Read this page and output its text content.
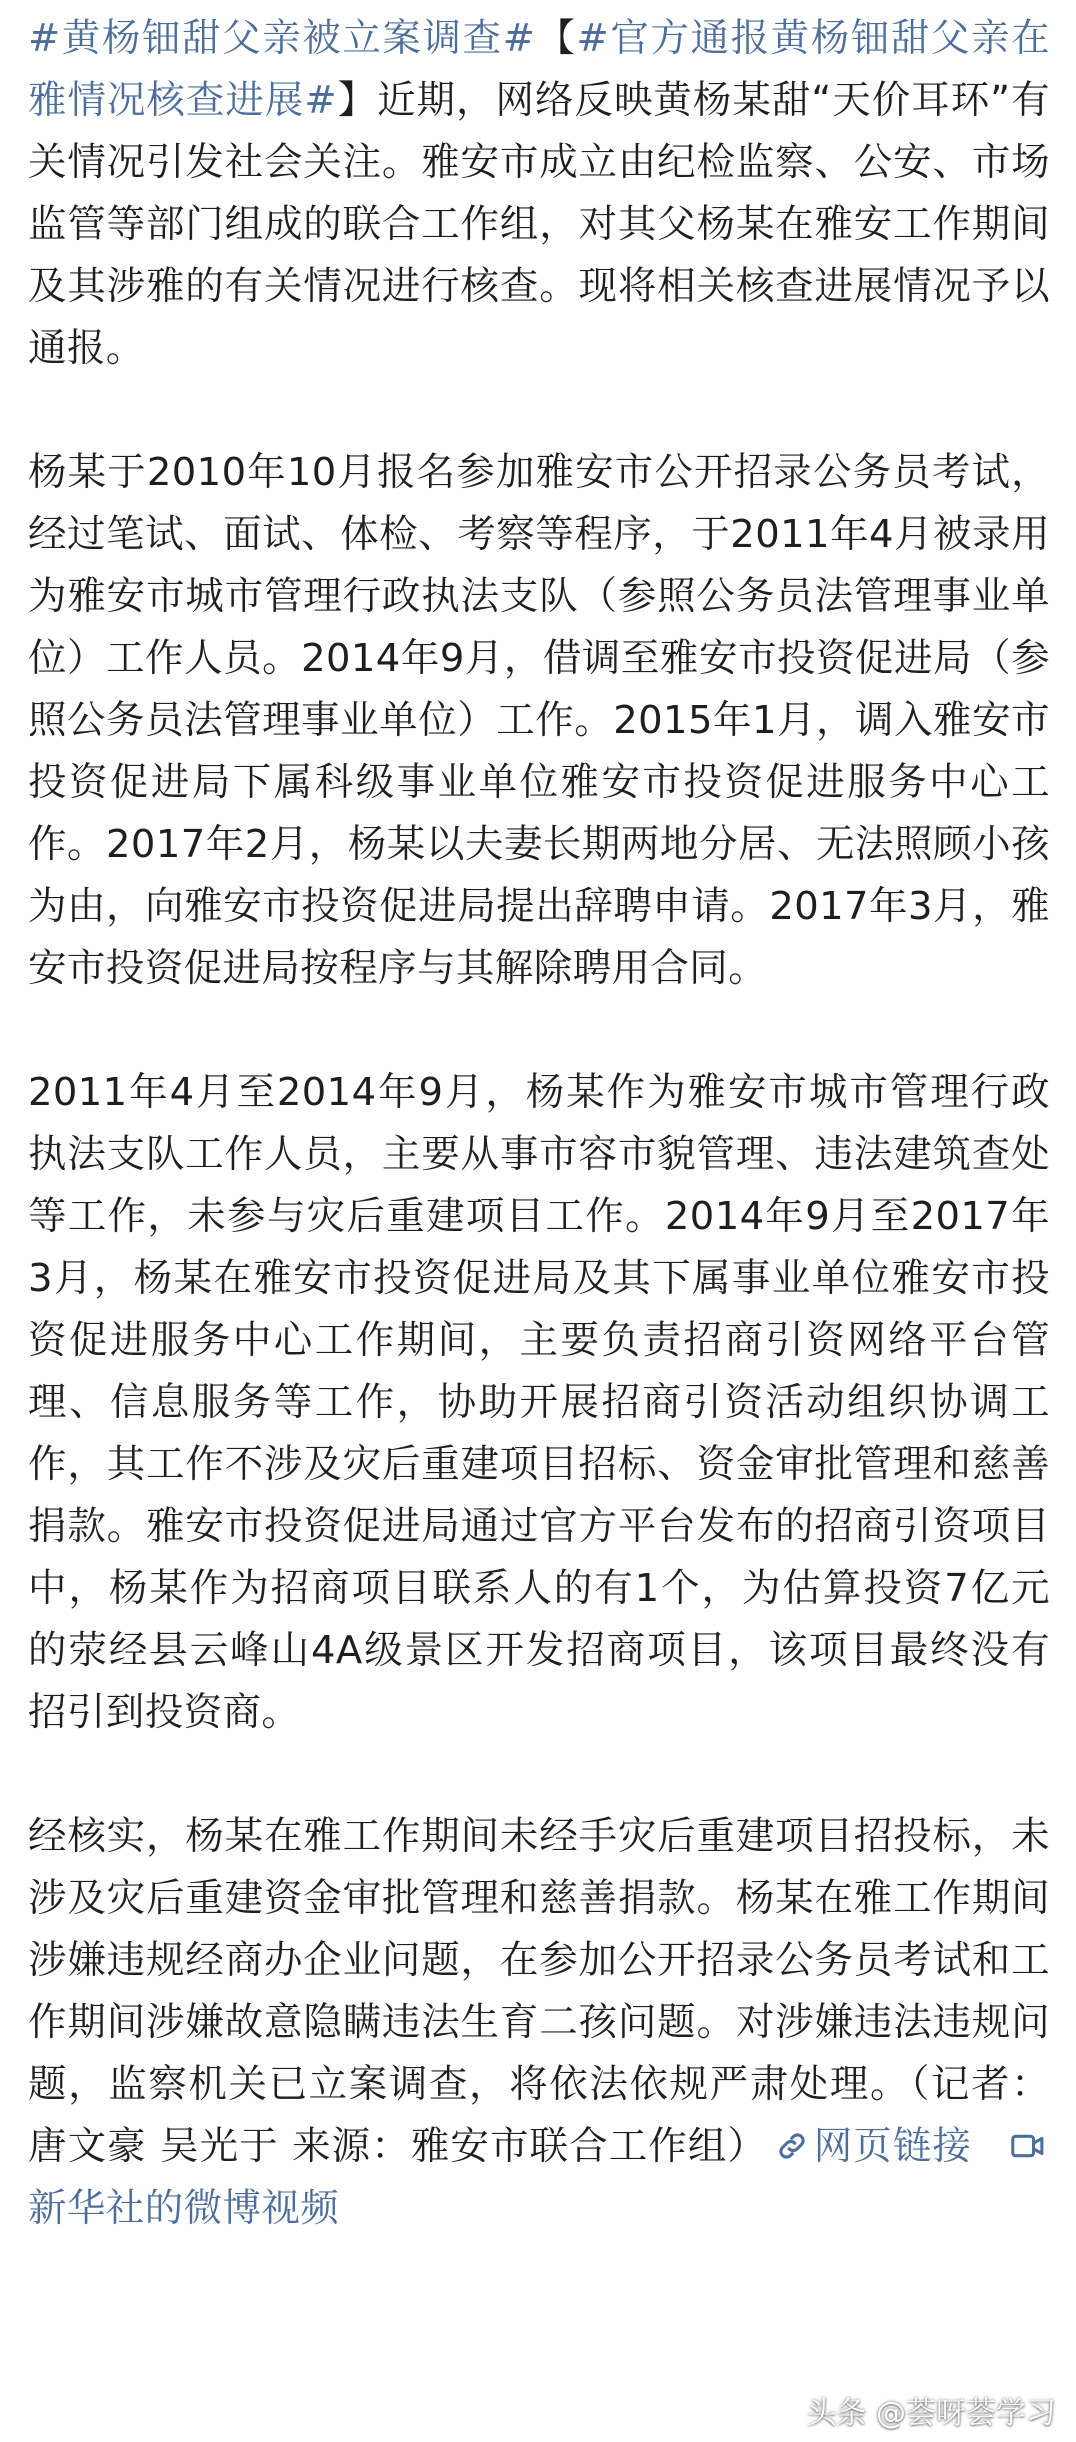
#黄杨钿甜父亲被立案调查#【#官方通报黄杨钿甜父亲在雅情况核查进展#】近期，网络反映黄杨某甜“天价耳环”有关情况引发社会关注。雅安市成立由纪检监察、公安、市场监管等部门组成的联合工作组，对其父杨某在雅安工作期间及其涉雅的有关情况进行核查。现将相关核查进展情况予以通报。

杨某于2010年10月报名参加雅安市公开招录公务员考试，经过笔试、面试、体检、考察等程序，于2011年4月被录用为雅安市城市管理行政执法支队（参照公务员法管理事业单位）工作人员。2014年9月，借调至雅安市投资促进局（参照公务员法管理事业单位）工作。2015年1月，调入雅安市投资促进局下属科级事业单位雅安市投资促进服务中心工作。2017年2月，杨某以夫妻长期两地分居、无法照顾小孩为由，向雅安市投资促进局提出辞聘申请。2017年3月，雅安市投资促进局按程序与其解除聘用合同。

2011年4月至2014年9月，杨某作为雅安市城市管理行政执法支队工作人员，主要从事市容市貌管理、违法建筑查处等工作，未参与灾后重建项目工作。2014年9月至2017年3月，杨某在雅安市投资促进局及其下属事业单位雅安市投资促进服务中心工作期间，主要负责招商引资网络平台管理、信息服务等工作，协助开展招商引资活动组织协调工作，其工作不涉及灾后重建项目招标、资金审批管理和慈善捐款。雅安市投资促进局通过官方平台发布的招商引资项目中，杨某作为招商项目联系人的有1个，为估算投资7亿元的荥经县云峰山4A级景区开发招商项目，该项目最终没有招引到投资商。

经核实，杨某在雅工作期间未经手灾后重建项目招投标，未涉及灾后重建资金审批管理和慈善捐款。杨某在雅工作期间涉嫌违规经商办企业问题，在参加公开招录公务员考试和工作期间涉嫌故意隐瞒违法生育二孩问题。对涉嫌违法违规问题，监察机关已立案调查，将依法依规严肃处理。（记者：唐文豪 吴光于 来源：雅安市联合工作组） 网页链接新华社的微博视频

头条 @荟呀荟学习
